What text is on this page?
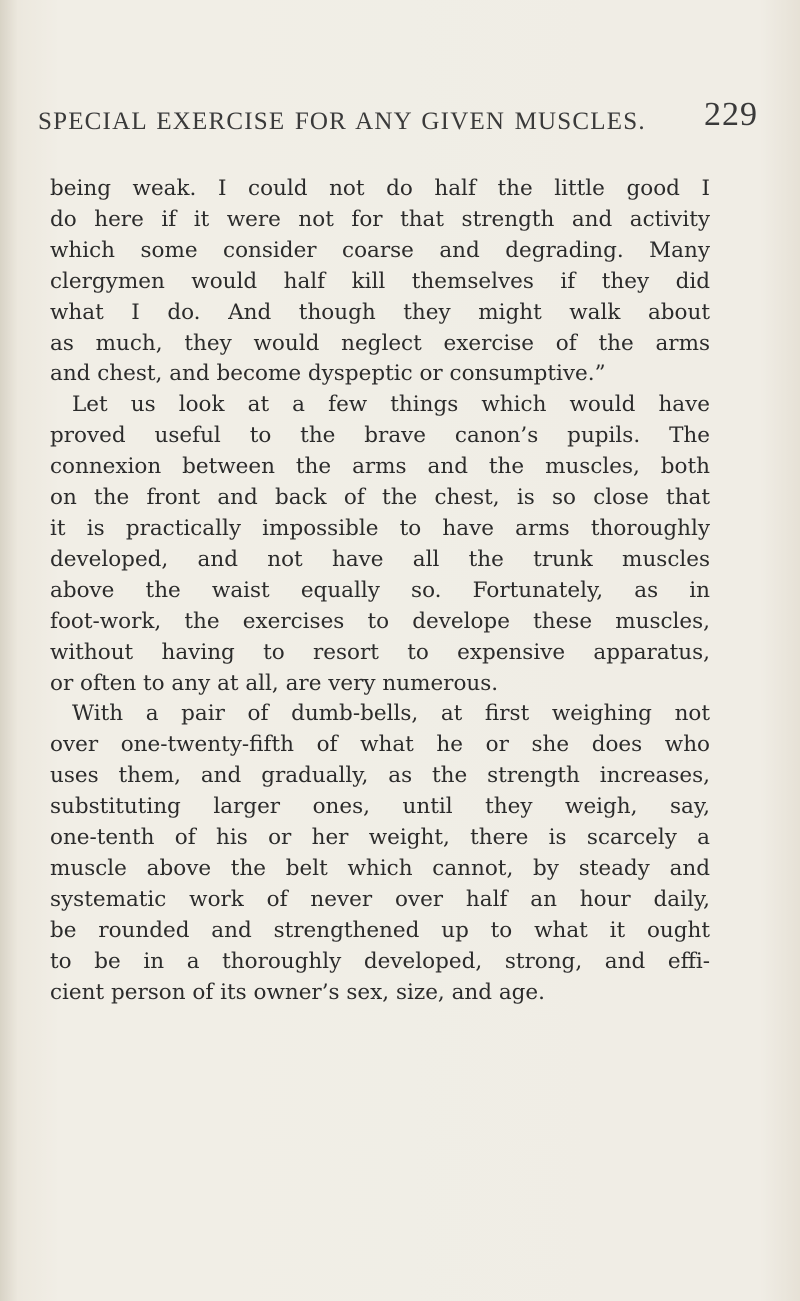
SPECIAL EXERCISE FOR ANY GIVEN MUSCLES. 229
being weak. I could not do half the little good I
do here if it were not for that strength and activity
which some consider coarse and degrading. Many
clergymen would half kill themselves if they did
what I do. And though they might walk about
as much, they would neglect exercise of the arms
and chest, and become dyspeptic or consumptive.”
Let us look at a few things which would have
proved useful to the brave canon’s pupils. The
connexion between the arms and the muscles, both
on the front and back of the chest, is so close that
it is practically impossible to have arms thoroughly
developed, and not have all the trunk muscles
above the waist equally so. Fortunately, as in
foot-work, the exercises to develope these muscles,
without having to resort to expensive apparatus,
or often to any at all, are very numerous.
With a pair of dumb-bells, at first weighing not
over one-twenty-fifth of what he or she does who
uses them, and gradually, as the strength increases,
substituting larger ones, until they weigh, say,
one-tenth of his or her weight, there is scarcely a
muscle above the belt which cannot, by steady and
systematic work of never over half an hour daily,
be rounded and strengthened up to what it ought
to be in a thoroughly developed, strong, and effi-
cient person of its owner’s sex, size, and age.
